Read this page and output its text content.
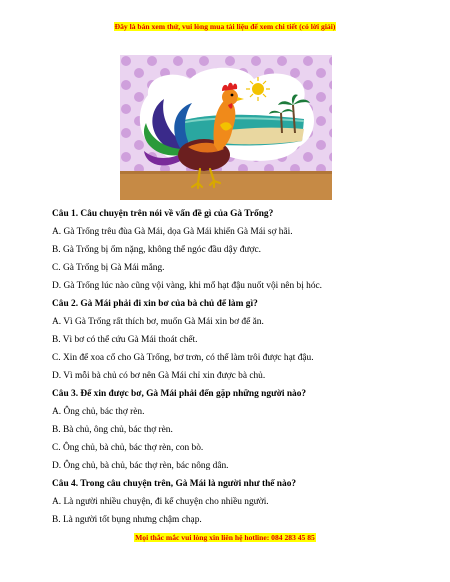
Đây là bản xem thử, vui lòng mua tài liệu để xem chi tiết (có lời giải)
Câu 1. Câu chuyện trên nói về vấn đề gì của Gà Trống?
A. Gà Trống trêu đùa Gà Mái, dọa Gà Mái khiến Gà Mái sợ hãi.
B. Gà Trống bị ốm nặng, không thể ngóc đầu dậy được.
C. Gà Trống bị Gà Mái mắng.
D. Gà Trống lúc nào cũng vội vàng, khi mổ hạt đậu nuốt vội nên bị hóc.
Câu 2. Gà Mái phải đi xin bơ của bà chủ để làm gì?
A. Vì Gà Trống rất thích bơ, muốn Gà Mái xin bơ để ăn.
B. Vì bơ có thể cứu Gà Mái thoát chết.
C. Xin để xoa cổ cho Gà Trống, bơ trơn, có thể làm trôi được hạt đậu.
D. Vì mỗi bà chủ có bơ nên Gà Mái chỉ xin được bà chủ.
Câu 3. Để xin được bơ, Gà Mái phải đến gặp những người nào?
A. Ông chủ, bác thợ rèn.
B. Bà chủ, ông chủ, bác thợ rèn.
C. Ông chủ, bà chủ, bác thợ rèn, con bò.
D. Ông chủ, bà chủ, bác thợ rèn, bác nông dân.
Câu 4. Trong câu chuyện trên, Gà Mái là người như thế nào?
A. Là người nhiều chuyện, đi kể chuyện cho nhiều người.
B. Là người tốt bụng nhưng chậm chạp.
Mọi thắc mắc vui lòng xin liên hệ hotline: 084 283 45 85
